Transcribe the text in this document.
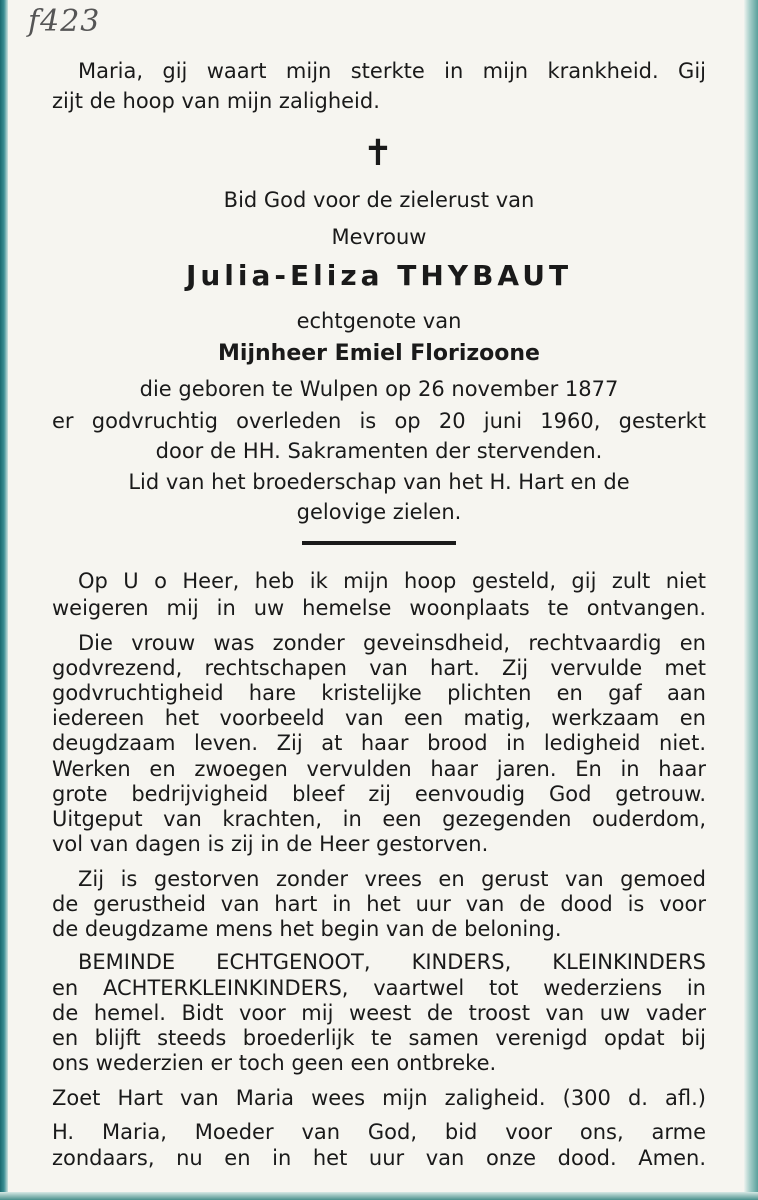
f423
Maria, gij waart mijn sterkte in mijn krankheid. Gij
zijt de hoop van mijn zaligheid.
✝
Bid God voor de zielerust van
Mevrouw
Julia-Eliza THYBAUT
echtgenote van
Mijnheer Emiel Florizoone
die geboren te Wulpen op 26 november 1877
er godvruchtig overleden is op 20 juni 1960, gesterkt
door de HH. Sakramenten der stervenden.
Lid van het broederschap van het H. Hart en de
gelovige zielen.
Op U o Heer, heb ik mijn hoop gesteld, gij zult niet
weigeren mij in uw hemelse woonplaats te ontvangen.
Die vrouw was zonder geveinsdheid, rechtvaardig en
godvrezend, rechtschapen van hart. Zij vervulde met
godvruchtigheid hare kristelijke plichten en gaf aan
iedereen het voorbeeld van een matig, werkzaam en
deugdzaam leven. Zij at haar brood in ledigheid niet.
Werken en zwoegen vervulden haar jaren. En in haar
grote bedrijvigheid bleef zij eenvoudig God getrouw.
Uitgeput van krachten, in een gezegenden ouderdom,
vol van dagen is zij in de Heer gestorven.
Zij is gestorven zonder vrees en gerust van gemoed
de gerustheid van hart in het uur van de dood is voor
de deugdzame mens het begin van de beloning.
BEMINDE ECHTGENOOT, KINDERS, KLEINKINDERS
en ACHTERKLEINKINDERS, vaartwel tot wederziens in
de hemel. Bidt voor mij weest de troost van uw vader
en blijft steeds broederlijk te samen verenigd opdat bij
ons wederzien er toch geen een ontbreke.
Zoet Hart van Maria wees mijn zaligheid. (300 d. afl.)
H. Maria, Moeder van God, bid voor ons, arme
zondaars, nu en in het uur van onze dood. Amen.
